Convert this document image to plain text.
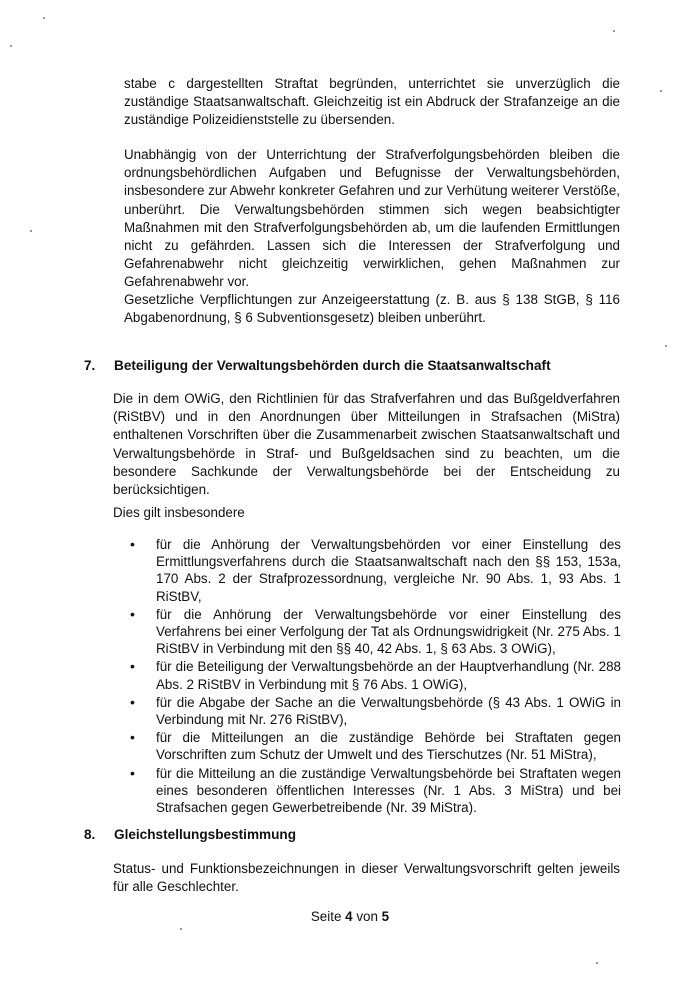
stabe c dargestellten Straftat begründen, unterrichtet sie unverzüglich die zuständige Staatsanwaltschaft. Gleichzeitig ist ein Abdruck der Strafanzeige an die zuständige Polizeidienststelle zu übersenden.

Unabhängig von der Unterrichtung der Strafverfolgungsbehörden bleiben die ordnungsbehördlichen Aufgaben und Befugnisse der Verwaltungsbehörden, insbesondere zur Abwehr konkreter Gefahren und zur Verhütung weiterer Verstöße, unberührt. Die Verwaltungsbehörden stimmen sich wegen beabsichtigter Maßnahmen mit den Strafverfolgungsbehörden ab, um die laufenden Ermittlungen nicht zu gefährden. Lassen sich die Interessen der Strafverfolgung und Gefahrenabwehr nicht gleichzeitig verwirklichen, gehen Maßnahmen zur Gefahrenabwehr vor.

Gesetzliche Verpflichtungen zur Anzeigeerstattung (z. B. aus § 138 StGB, § 116 Abgabenordnung, § 6 Subventionsgesetz) bleiben unberührt.

7. Beteiligung der Verwaltungsbehörden durch die Staatsanwaltschaft

Die in dem OWiG, den Richtlinien für das Strafverfahren und das Bußgeldverfahren (RiStBV) und in den Anordnungen über Mitteilungen in Strafsachen (MiStra) enthaltenen Vorschriften über die Zusammenarbeit zwischen Staatsanwaltschaft und Verwaltungsbehörde in Straf- und Bußgeldsachen sind zu beachten, um die besondere Sachkunde der Verwaltungsbehörde bei der Entscheidung zu berücksichtigen.

Dies gilt insbesondere

•	für die Anhörung der Verwaltungsbehörden vor einer Einstellung des Ermittlungsverfahrens durch die Staatsanwaltschaft nach den §§ 153, 153a, 170 Abs. 2 der Strafprozessordnung, vergleiche Nr. 90 Abs. 1, 93 Abs. 1 RiStBV,
•	für die Anhörung der Verwaltungsbehörde vor einer Einstellung des Verfahrens bei einer Verfolgung der Tat als Ordnungswidrigkeit (Nr. 275 Abs. 1 RiStBV in Verbindung mit den §§ 40, 42 Abs. 1, § 63 Abs. 3 OWiG),
•	für die Beteiligung der Verwaltungsbehörde an der Hauptverhandlung (Nr. 288 Abs. 2 RiStBV in Verbindung mit § 76 Abs. 1 OWiG),
•	für die Abgabe der Sache an die Verwaltungsbehörde (§ 43 Abs. 1 OWiG in Verbindung mit Nr. 276 RiStBV),
•	für die Mitteilungen an die zuständige Behörde bei Straftaten gegen Vorschriften zum Schutz der Umwelt und des Tierschutzes (Nr. 51 MiStra),
•	für die Mitteilung an die zuständige Verwaltungsbehörde bei Straftaten wegen eines besonderen öffentlichen Interesses (Nr. 1 Abs. 3 MiStra) und bei Strafsachen gegen Gewerbetreibende (Nr. 39 MiStra).
8. Gleichstellungsbestimmung

Status- und Funktionsbezeichnungen in dieser Verwaltungsvorschrift gelten jeweils für alle Geschlechter.

Seite 4 von 5
